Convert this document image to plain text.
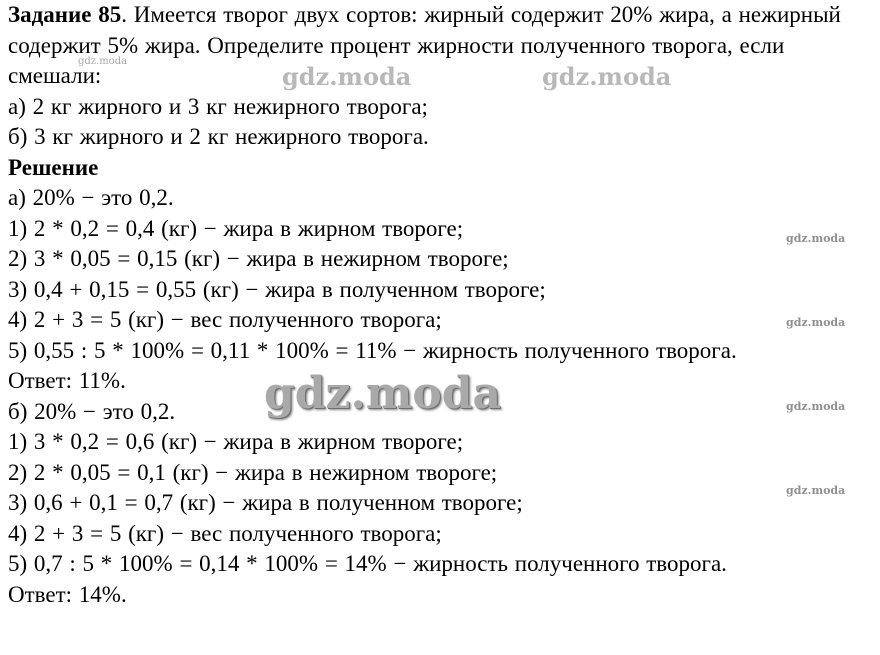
Задание 85. Имеется творог двух сортов: жирный содержит 20% жира, а нежирный содержит 5% жира. Определите процент жирности полученного творога, если смешали:
а) 2 кг жирного и 3 кг нежирного творога;
б) 3 кг жирного и 2 кг нежирного творога.
Решение
а) 20% − это 0,2.
1) 2 * 0,2 = 0,4 (кг) − жира в жирном твороге;
2) 3 * 0,05 = 0,15 (кг) − жира в нежирном твороге;
3) 0,4 + 0,15 = 0,55 (кг) − жира в полученном твороге;
4) 2 + 3 = 5 (кг) − вес полученного творога;
5) 0,55 : 5 * 100% = 0,11 * 100% = 11% − жирность полученного творога.
Ответ: 11%.
б) 20% − это 0,2.
1) 3 * 0,2 = 0,6 (кг) − жира в жирном твороге;
2) 2 * 0,05 = 0,1 (кг) − жира в нежирном твороге;
3) 0,6 + 0,1 = 0,7 (кг) − жира в полученном твороге;
4) 2 + 3 = 5 (кг) − вес полученного творога;
5) 0,7 : 5 * 100% = 0,14 * 100% = 14% − жирность полученного творога.
Ответ: 14%.
gdz.moda	gdz.moda
gdz.moda
gdz.moda
gdz.moda
gdz.moda
gdz.moda
gdz.moda
